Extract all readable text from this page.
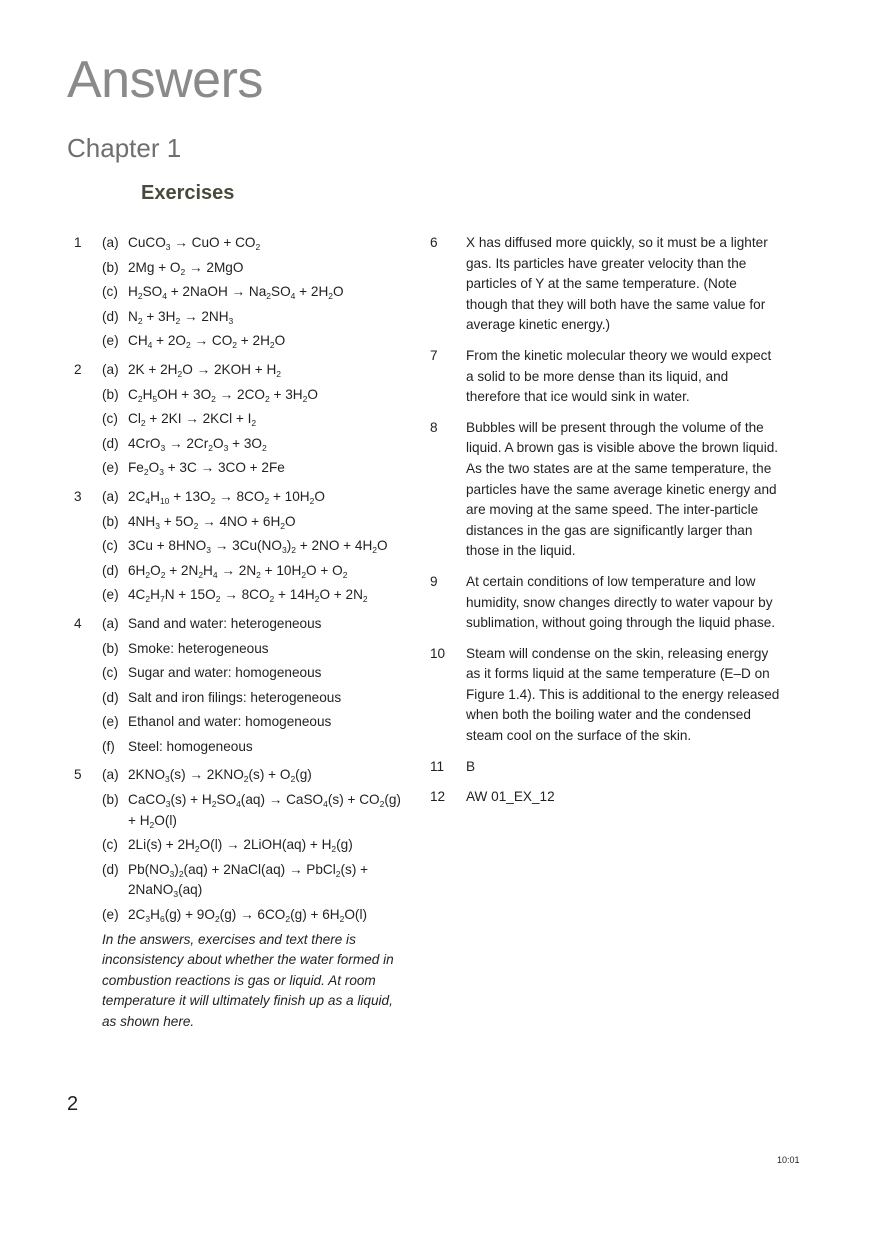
Answers
Chapter 1
Exercises
1	(a) CuCO$_3$ → CuO + $CO_2$
(b) $2Mg + O_2 \to 2MgO$
(c) $H_2SO_4$ + 2NaOH → $Na_2SO_4 + 2H_2O$
(d) $N_2 + 3H_2 \to 2NH_3$
(e) $CH_4 + 2O_2 \to CO_2 + 2H_2O$
2	(a) $2K + 2H_2O \to 2KOH + H_2$
(b) $C_2H_5OH + 3O_2 \to 2CO_2 + 3H_2O$
(c) $Cl_2 + 2KI \to 2KCl + I_2$
(d) $4CrO_3 \to 2Cr_2O_3 + 3O_2$
(e) $Fe_2O_3 + 3C \to 3CO + 2Fe$
3	(a) $2C_4H_{10} + 13O_2 \to 8CO_2 + 10H_2O$
(b) $4NH_3 + 5O_2 \to 4NO + 6H_2O$
(c) $3Cu + 8HNO_3 \to 3Cu(NO_3)_2 + 2NO + 4H_2O$
(d) $6H_2O_2 + 2N_2H_4 \to 2N_2 + 10H_2O + O_2$
(e) $4C_2H_7N + 15O_2 \to 8CO_2 + 14H_2O + 2N_2$
4	(a) Sand and water: heterogeneous
(b) Smoke: heterogeneous
(c) Sugar and water: homogeneous
(d) Salt and iron filings: heterogeneous
(e) Ethanol and water: homogeneous
(f) Steel: homogeneous
5	(a) $2KNO_3(s) \to 2KNO_2(s) + O_2(g)$
(b) CaCO$_3$(s) + $H_2SO_4(aq)$ → CaSO$_4$(s) + $CO_2(g) + H_2O(l)$
(c) $2Li(s) + 2H_2O(l)$ → 2LiOH(aq) + $H_2(g)$
(d) $Pb(NO_3)_2(aq)$ + 2NaCl(aq) → PbCl$_2$(s) + 2NaNO$_3$(aq)
(e) $2C_3H_6(g) + 9O_2(g) \to 6CO_2(g) + 6H_2O(l)$
In the answers, exercises and text there is inconsistency about whether the water formed in combustion reactions is gas or liquid. At room temperature it will ultimately finish up as a liquid, as shown here.
6	X has diffused more quickly, so it must be a lighter gas. Its particles have greater velocity than the particles of Y at the same temperature. (Note though that they will both have the same value for average kinetic energy.)
7	From the kinetic molecular theory we would expect a solid to be more dense than its liquid, and therefore that ice would sink in water.
8	Bubbles will be present through the volume of the liquid. A brown gas is visible above the brown liquid. As the two states are at the same temperature, the particles have the same average kinetic energy and are moving at the same speed. The inter-particle distances in the gas are significantly larger than those in the liquid.
9	At certain conditions of low temperature and low humidity, snow changes directly to water vapour by sublimation, without going through the liquid phase.
10 Steam will condense on the skin, releasing energy as it forms liquid at the same temperature (E–D on Figure 1.4). This is additional to the energy released when both the boiling water and the condensed steam cool on the surface of the skin.
11 B
12 AW 01_EX_12
2
10:01
